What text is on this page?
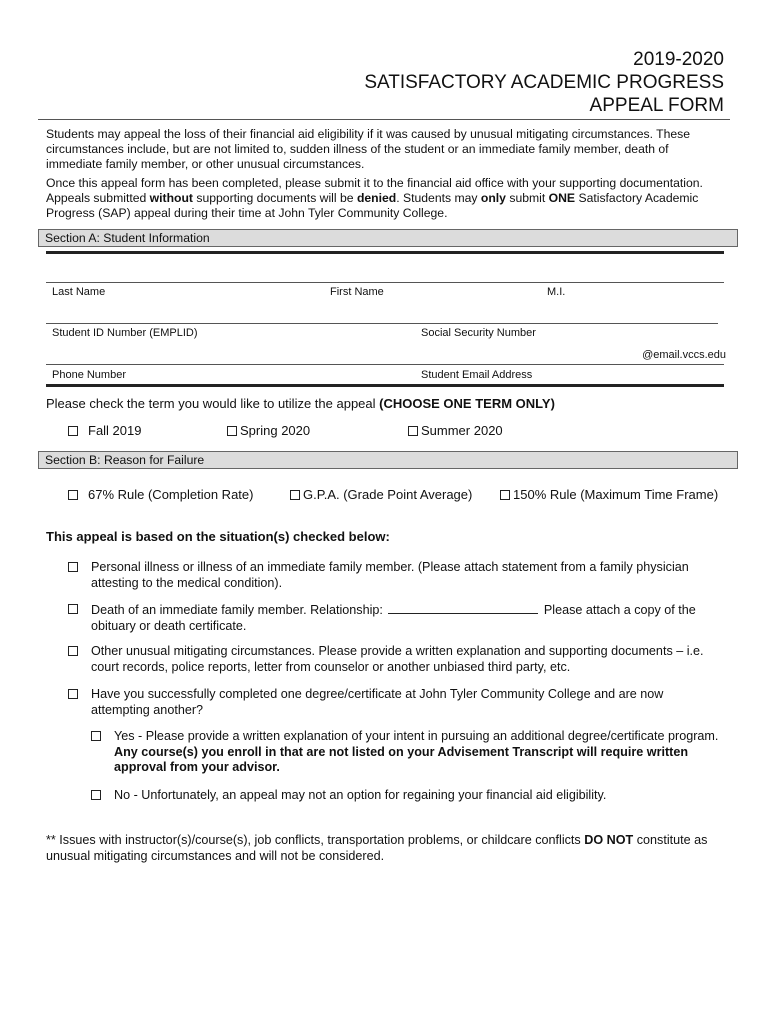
2019-2020
SATISFACTORY ACADEMIC PROGRESS
APPEAL FORM

Students may appeal the loss of their financial aid eligibility if it was caused by unusual mitigating circumstances. These circumstances include, but are not limited to, sudden illness of the student or an immediate family member, death of immediate family member, or other unusual circumstances.

Once this appeal form has been completed, please submit it to the financial aid office with your supporting documentation. Appeals submitted without supporting documents will be denied. Students may only submit ONE Satisfactory Academic Progress (SAP) appeal during their time at John Tyler Community College.

Section A: Student Information
Last Name	First Name	M.I.
Student ID Number (EMPLID)	Social Security Number
@email.vccs.edu
Phone Number	Student Email Address
Please check the term you would like to utilize the appeal (CHOOSE ONE TERM ONLY)
Fall 2019	Spring 2020	Summer 2020
Section B: Reason for Failure
67% Rule (Completion Rate)	G.P.A. (Grade Point Average)	150% Rule (Maximum Time Frame)
This appeal is based on the situation(s) checked below:
Personal illness or illness of an immediate family member. (Please attach statement from a family physician attesting to the medical condition).
Death of an immediate family member. Relationship:	Please attach a copy of the obituary or death certificate.
Other unusual mitigating circumstances. Please provide a written explanation and supporting documents – i.e. court records, police reports, letter from counselor or another unbiased third party, etc.
Have you successfully completed one degree/certificate at John Tyler Community College and are now attempting another?
Yes - Please provide a written explanation of your intent in pursuing an additional degree/certificate program. Any course(s) you enroll in that are not listed on your Advisement Transcript will require written approval from your advisor.
No - Unfortunately, an appeal may not an option for regaining your financial aid eligibility.
** Issues with instructor(s)/course(s), job conflicts, transportation problems, or childcare conflicts DO NOT constitute as unusual mitigating circumstances and will not be considered.
